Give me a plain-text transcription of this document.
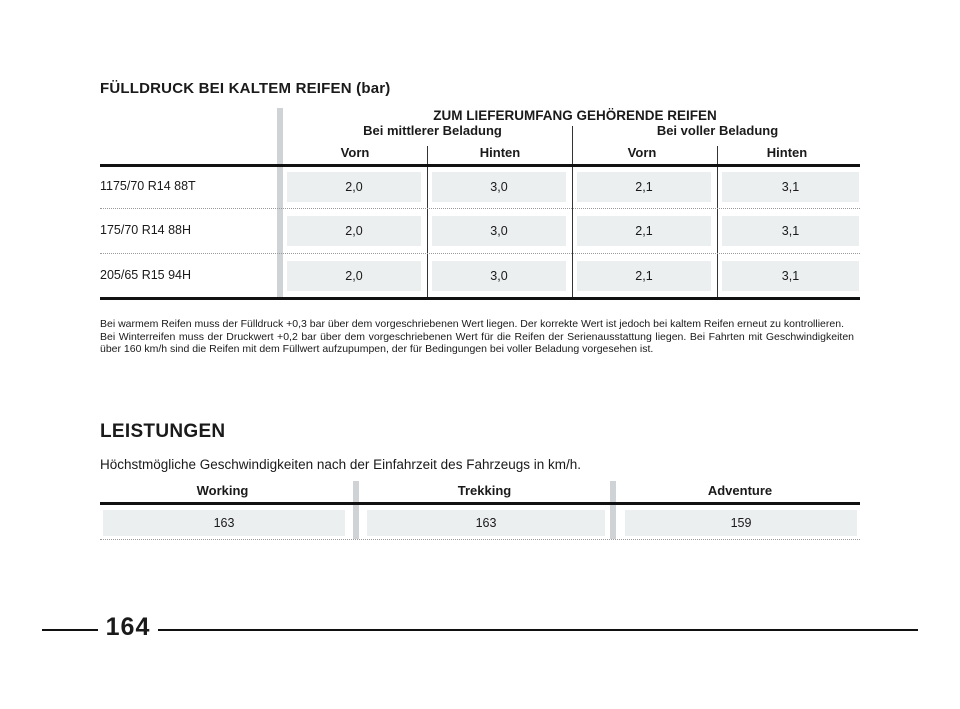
FÜLLDRUCK BEI KALTEM REIFEN (bar)
ZUM LIEFERUMFANG GEHÖRENDE REIFEN
Bei mittlerer Beladung	Bei voller Beladung
Vorn	Hinten	Vorn	Hinten
1175/70 R14 88T	2,0	3,0	2,1	3,1
175/70 R14 88H	2,0	3,0	2,1	3,1
205/65 R15 94H	2,0	3,0	2,1	3,1

Bei warmem Reifen muss der Fülldruck +0,3 bar über dem vorgeschriebenen Wert liegen. Der korrekte Wert ist jedoch bei kaltem Reifen erneut zu kontrollieren.

Bei Winterreifen muss der Druckwert +0,2 bar über dem vorgeschriebenen Wert für die Reifen der Serienausstattung liegen. Bei Fahrten mit Geschwindigkeiten über 160 km/h sind die Reifen mit dem Füllwert aufzupumpen, der für Bedingungen bei voller Beladung vorgesehen ist.

LEISTUNGEN
Höchstmögliche Geschwindigkeiten nach der Einfahrzeit des Fahrzeugs in km/h.
Working	Trekking	Adventure
163	163	159
164
